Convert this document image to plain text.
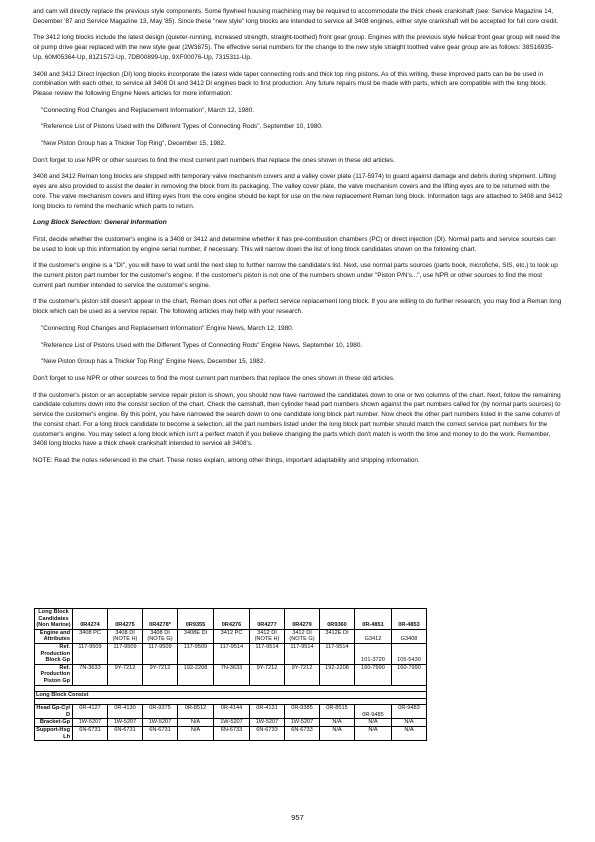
and cam will directly replace the previous style components. Some flywheel housing machining may be required to accommodate the thick cheek crankshaft (see: Service Magazine 14, December '87 and Service Magazine 13, May '85). Since these "new style" long blocks are intended to service all 3408 engines, either style crankshaft will be accepted for full core credit.

The 3412 long blocks include the latest design (quieter-running, increased strength, straight-toothed) front gear group. Engines with the previous style helical front gear group will need the oil pump drive gear replaced with the new style gear (2W3875). The effective serial numbers for the change to the new style straight toothed valve gear group are as follows: 38S16935-Up, 60M05364-Up, 81Z1572-Up, 7DB00899-Up, 9XF00076-Up, 7315311-Up.

3408 and 3412 Direct Injection (DI) long blocks incorporate the latest wide taper connecting rods and thick top ring pistons. As of this writing, these improved parts can be be used in combination with each other, to service all 3408 DI and 3412 DI engines back to first production. Any future repairs must be made with parts, which are compatible with the long block. Please review the following Engine News articles for more information:

"Connecting Rod Changes and Replacement Information", March 12, 1980.

"Reference List of Pistons Used with the Different Types of Connecting Rods", September 10, 1980.

"New Piston Group has a Thicker Top Ring", December 15, 1982.

Don't forget to use NPR or other sources to find the most current part numbers that replace the ones shown in these old articles.

3408 and 3412 Reman long blocks are shipped with temporary valve mechanism covers and a valley cover plate (117-5974) to guard against damage and debris during shipment. Lifting eyes are also provided to assist the dealer in removing the block from its packaging. The valley cover plate, the valve mechanism covers and the lifting eyes are to be returned with the core. The valve mechanism covers and lifting eyes from the core engine should be kept for use on the new replacement Reman long block. Information tags are attached to 3408 and 3412 long blocks to remind the mechanic which parts to return.

Long Block Selection: General Information

First, decide whether the customer's engine is a 3408 or 3412 and determine whether it has pre-combustion chambers (PC) or direct injection (DI). Normal parts and service sources can be used to look up this information by engine serial number, if necessary. This will narrow down the list of long block candidates shown on the following chart.

If the customer's engine is a "DI", you will have to wait until the next step to further narrow the candidate's list. Next, use normal parts sources (parts book, microfiche, SIS, etc.) to look up the current piston part number for the customer's engine. If the customer's piston is not one of the numbers shown under "Piston P/N's...", use NPR or other sources to find the most current part number intended to service the customer's engine.

If the customer's piston still doesn't appear in the chart, Reman does not offer a perfect service replacement long block. If you are willing to do further research, you may find a Reman long block which can be used as a service repair. The following articles may help with your research.

"Connecting Rod Changes and Replacement Information" Engine News, March 12, 1980.

"Reference List of Pistons Used with the Different Types of Connecting Rods" Engine News, September 10, 1980.

"New Piston Group has a Thicker Top Ring" Engine News, December 15, 1982.

Don't forget to use NPR or other sources to find the most current part numbers that replace the ones shown in these old articles.

If the customer's piston or an acceptable service repair piston is shown, you should now have narrowed the candidates down to one or two columns of the chart. Next, follow the remaining candidate columns down into the consist section of the chart. Check the camshaft, then cylinder head part numbers shown against the part numbers called for (by normal parts sources) to service the customer's engine. By this point, you have narrowed the search down to one candidate long block part number. Now check the other part numbers listed in the same column of the consist chart. For a long block candidate to become a selection, all the part numbers listed under the long block part number should match the correct service part numbers for the customer's engine. You may select a long block which isn't a perfect match if you believe changing the parts which don't match is worth the time and money to do the work. Remember, 3408 long blocks have a thick cheek crankshaft intended to service all 3408's.

NOTE: Read the notes referenced in the chart. These notes explain, among other things, important adaptability and shipping information.

Long Block Candidates (Non Marine)	0R4274	0R4275	0R4278*	0R9355	0R4276	0R4277	0R4279	0R9360	0R-4851	0R-4853
Engine and Attributes	3408 PC	3408 DI (NOTE H)	3408 DI (NOTE G)	3408E DI	3412 PC	3412 DI (NOTE H)	3412 DI (NOTE G)	3412E DI	G3412	G3408
Ref. Production Block Gp	117-9509	117-9509	117-9509	117-9509	117-9514	117-9514	117-9514	117-9514	101-3720	105-5430
Ref. Production Piston Gp	7N-3633	9Y-7212	9Y-7212	192-2208	7N-3633	9Y-7212	9Y-7212	192-2208	160-7990	160-7990

Long Block Consist										

Head Gp-Cyl D	0R-4127	0R-4130	0R-9375	0R-8512	0R-4144	0R-4131	0R-9385	0R-8515	0R-9485	0R-9483
Bracket-Gp	1W-5207	1W-5207	1W-5207	N/A	1W-5207	1W-5207	1W-5207	N/A	N/A	N/A
Support-Hsg Lh	6N-6731	6N-6731	6N-6731	N/A	6N-6733	6N-6733	6N-6733	N/A	N/A	N/A
957
